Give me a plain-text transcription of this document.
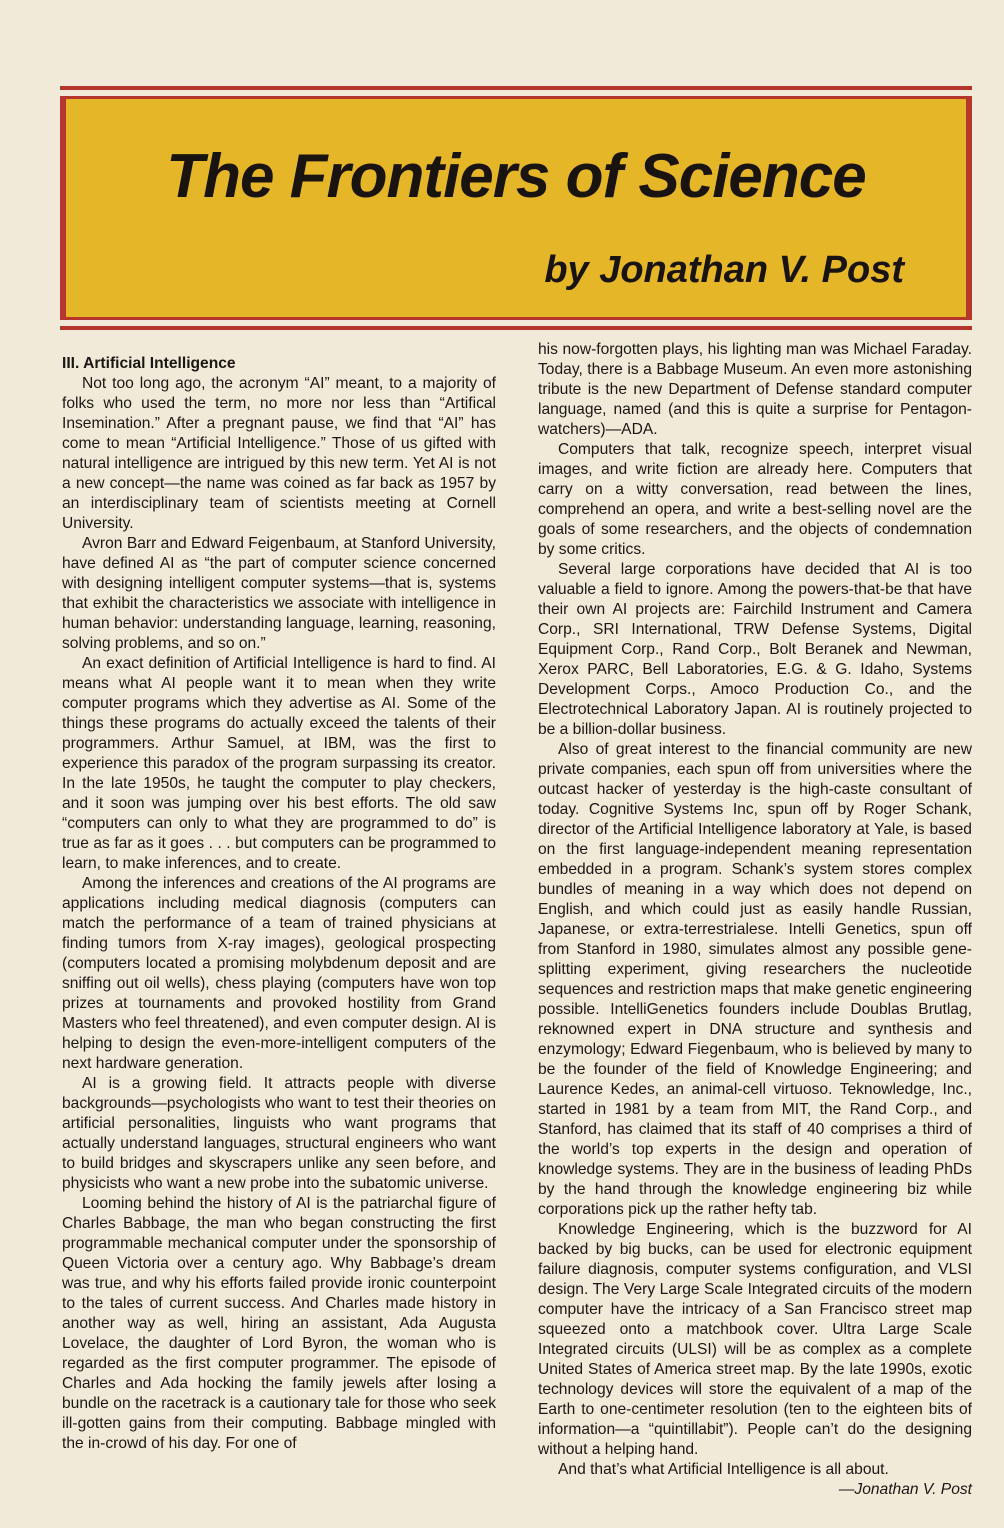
The Frontiers of Science

by Jonathan V. Post

III. Artificial Intelligence

Not too long ago, the acronym “AI” meant, to a majority of folks who used the term, no more nor less than “Artifical Insemination.” After a pregnant pause, we find that “AI” has come to mean “Artificial Intelligence.” Those of us gifted with natural intelligence are intrigued by this new term. Yet AI is not a new concept—the name was coined as far back as 1957 by an interdisciplinary team of scientists meeting at Cornell University.

Avron Barr and Edward Feigenbaum, at Stanford University, have defined AI as “the part of computer science concerned with designing intelligent computer systems—that is, systems that exhibit the characteristics we associate with intelligence in human behavior: understanding language, learning, reasoning, solving problems, and so on.”

An exact definition of Artificial Intelligence is hard to find. AI means what AI people want it to mean when they write computer programs which they advertise as AI. Some of the things these programs do actually exceed the talents of their programmers. Arthur Samuel, at IBM, was the first to experience this paradox of the program surpassing its creator. In the late 1950s, he taught the computer to play checkers, and it soon was jumping over his best efforts. The old saw “computers can only to what they are programmed to do” is true as far as it goes . . . but computers can be programmed to learn, to make inferences, and to create.

Among the inferences and creations of the AI programs are applications including medical diagnosis (computers can match the performance of a team of trained physicians at finding tumors from X-ray images), geological prospecting (computers located a promising molybdenum deposit and are sniffing out oil wells), chess playing (computers have won top prizes at tournaments and provoked hostility from Grand Masters who feel threatened), and even computer design. AI is helping to design the even-more-intelligent computers of the next hardware generation.

AI is a growing field. It attracts people with diverse backgrounds—psychologists who want to test their theories on artificial personalities, linguists who want programs that actually understand languages, structural engineers who want to build bridges and skyscrapers unlike any seen before, and physicists who want a new probe into the subatomic universe.

Looming behind the history of AI is the patriarchal figure of Charles Babbage, the man who began constructing the first programmable mechanical computer under the sponsorship of Queen Victoria over a century ago. Why Babbage’s dream was true, and why his efforts failed provide ironic counterpoint to the tales of current success. And Charles made history in another way as well, hiring an assistant, Ada Augusta Lovelace, the daughter of Lord Byron, the woman who is regarded as the first computer programmer. The episode of Charles and Ada hocking the family jewels after losing a bundle on the racetrack is a cautionary tale for those who seek ill-gotten gains from their computing. Babbage mingled with the in-crowd of his day. For one of

his now-forgotten plays, his lighting man was Michael Faraday. Today, there is a Babbage Museum. An even more astonishing tribute is the new Department of Defense standard computer language, named (and this is quite a surprise for Pentagon-watchers)—ADA.

Computers that talk, recognize speech, interpret visual images, and write fiction are already here. Computers that carry on a witty conversation, read between the lines, comprehend an opera, and write a best-selling novel are the goals of some researchers, and the objects of condemnation by some critics.

Several large corporations have decided that AI is too valuable a field to ignore. Among the powers-that-be that have their own AI projects are: Fairchild Instrument and Camera Corp., SRI International, TRW Defense Systems, Digital Equipment Corp., Rand Corp., Bolt Beranek and Newman, Xerox PARC, Bell Laboratories, E.G. & G. Idaho, Systems Development Corps., Amoco Production Co., and the Electrotechnical Laboratory Japan. AI is routinely projected to be a billion-dollar business.

Also of great interest to the financial community are new private companies, each spun off from universities where the outcast hacker of yesterday is the high-caste consultant of today. Cognitive Systems Inc, spun off by Roger Schank, director of the Artificial Intelligence laboratory at Yale, is based on the first language-independent meaning representation embedded in a program. Schank’s system stores complex bundles of meaning in a way which does not depend on English, and which could just as easily handle Russian, Japanese, or extra-terrestrialese. Intelli Genetics, spun off from Stanford in 1980, simulates almost any possible gene-splitting experiment, giving researchers the nucleotide sequences and restriction maps that make genetic engineering possible. IntelliGenetics founders include Doublas Brutlag, reknowned expert in DNA structure and synthesis and enzymology; Edward Fiegenbaum, who is believed by many to be the founder of the field of Knowledge Engineering; and Laurence Kedes, an animal-cell virtuoso. Teknowledge, Inc., started in 1981 by a team from MIT, the Rand Corp., and Stanford, has claimed that its staff of 40 comprises a third of the world’s top experts in the design and operation of knowledge systems. They are in the business of leading PhDs by the hand through the knowledge engineering biz while corporations pick up the rather hefty tab.

Knowledge Engineering, which is the buzzword for AI backed by big bucks, can be used for electronic equipment failure diagnosis, computer systems configuration, and VLSI design. The Very Large Scale Integrated circuits of the modern computer have the intricacy of a San Francisco street map squeezed onto a matchbook cover. Ultra Large Scale Integrated circuits (ULSI) will be as complex as a complete United States of America street map. By the late 1990s, exotic technology devices will store the equivalent of a map of the Earth to one-centimeter resolution (ten to the eighteen bits of information—a “quintillabit”). People can’t do the designing without a helping hand.

And that’s what Artificial Intelligence is all about.

—Jonathan V. Post
